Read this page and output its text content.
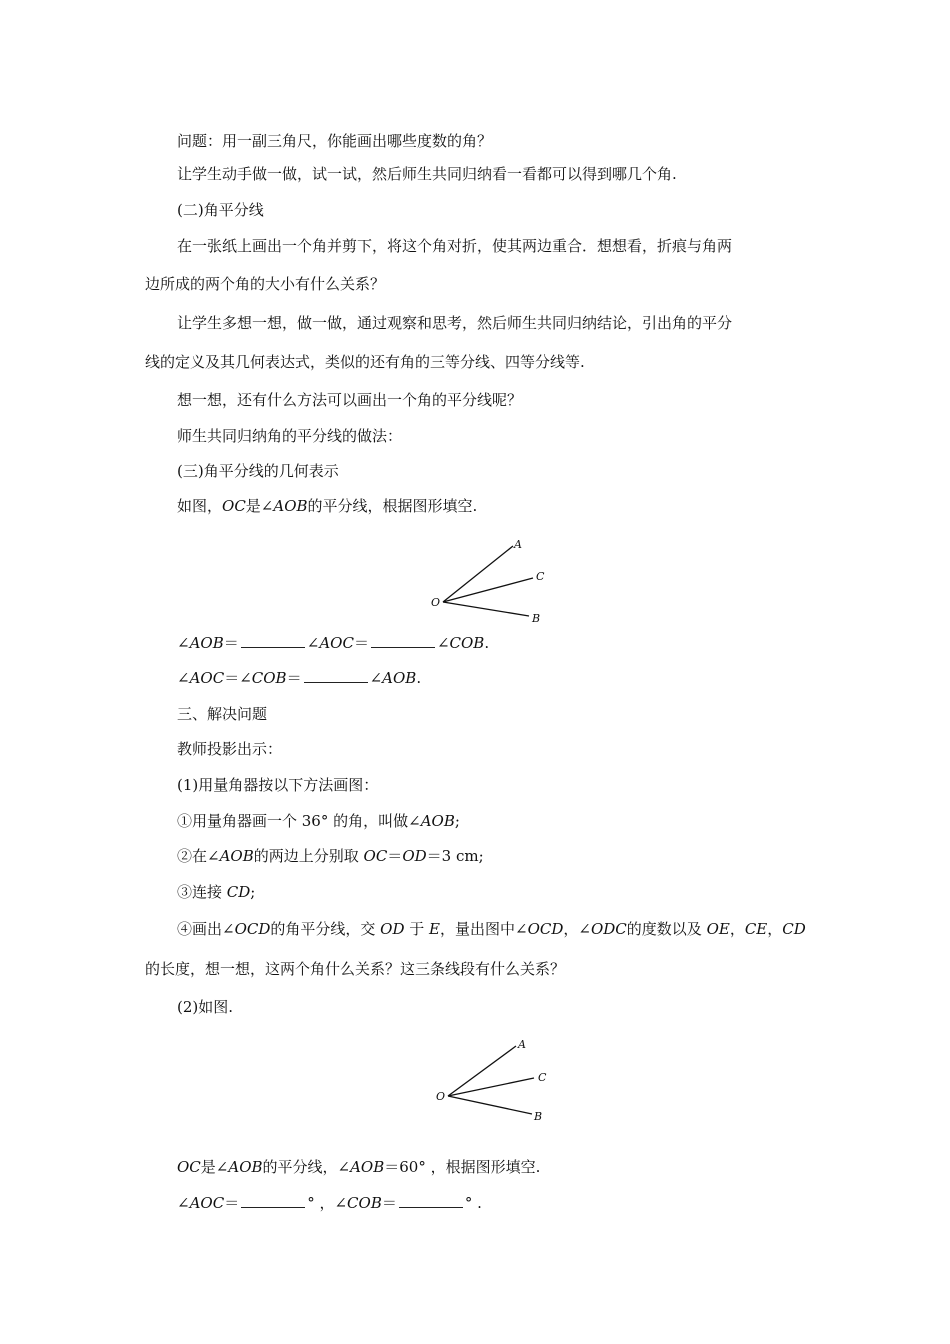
问题：用一副三角尺，你能画出哪些度数的角？
让学生动手做一做，试一试，然后师生共同归纳看一看都可以得到哪几个角.
(二)角平分线
在一张纸上画出一个角并剪下，将这个角对折，使其两边重合．想想看，折痕与角两
边所成的两个角的大小有什么关系？
让学生多想一想，做一做，通过观察和思考，然后师生共同归纳结论，引出角的平分
线的定义及其几何表达式，类似的还有角的三等分线、四等分线等.
想一想，还有什么方法可以画出一个角的平分线呢？
师生共同归纳角的平分线的做法：
(三)角平分线的几何表示
如图，OC是∠AOB的平分线，根据图形填空.
A
C
O
B
∠AOB＝	∠AOC＝	∠COB.
∠AOC＝∠COB＝	∠AOB.
三、解决问题
教师投影出示：
(1)用量角器按以下方法画图：
①用量角器画一个 36° 的角，叫做∠AOB;
②在∠AOB的两边上分别取 OC＝OD＝3 cm;
③连接 CD;
④画出∠OCD的角平分线，交 OD 于 E，量出图中∠OCD，∠ODC的度数以及 OE，CE，CD
的长度，想一想，这两个角什么关系？这三条线段有什么关系？
(2)如图.
A
C
O
B
OC是∠AOB的平分线，∠AOB＝60° ，根据图形填空.
∠AOC＝	° ，∠COB＝	° .
